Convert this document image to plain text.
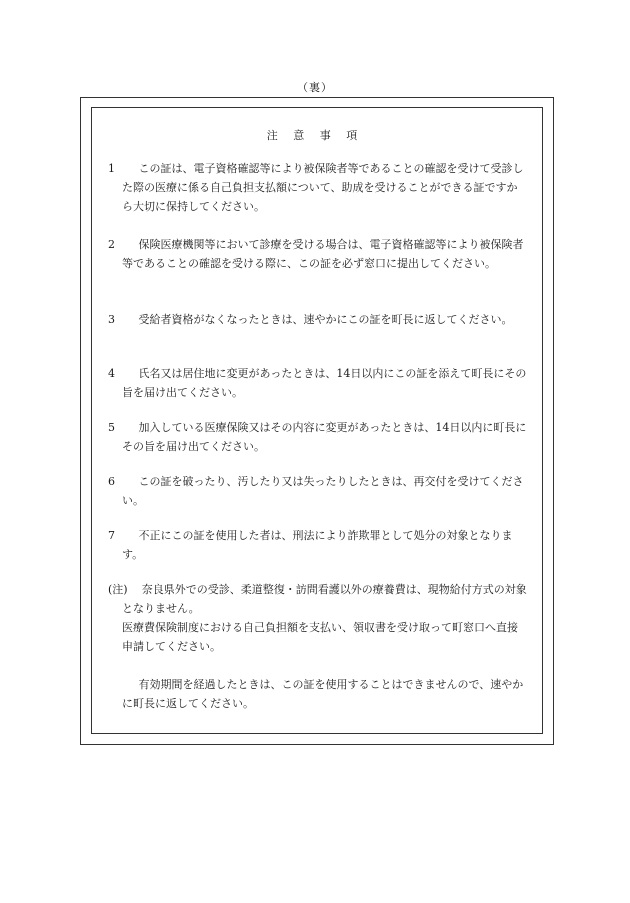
（裏）
注 意 事 項
1	この証は、電子資格確認等により被保険者等であることの確認を受けて受診した際の医療に係る自己負担支払額について、助成を受けることができる証ですから大切に保持してください。
2	保険医療機関等において診療を受ける場合は、電子資格確認等により被保険者等であることの確認を受ける際に、この証を必ず窓口に提出してください。
3	受給者資格がなくなったときは、速やかにこの証を町長に返してください。
4	氏名又は居住地に変更があったときは、14日以内にこの証を添えて町長にその旨を届け出てください。
5	加入している医療保険又はその内容に変更があったときは、14日以内に町長にその旨を届け出てください。
6	この証を破ったり、汚したり又は失ったりしたときは、再交付を受けてください。
7	不正にこの証を使用した者は、刑法により詐欺罪として処分の対象となります。
(注)	奈良県外での受診、柔道整復・訪問看護以外の療養費は、現物給付方式の対象となりません。
医療費保険制度における自己負担額を支払い、領収書を受け取って町窓口へ直接申請してください。
有効期間を経過したときは、この証を使用することはできませんので、速やかに町長に返してください。
